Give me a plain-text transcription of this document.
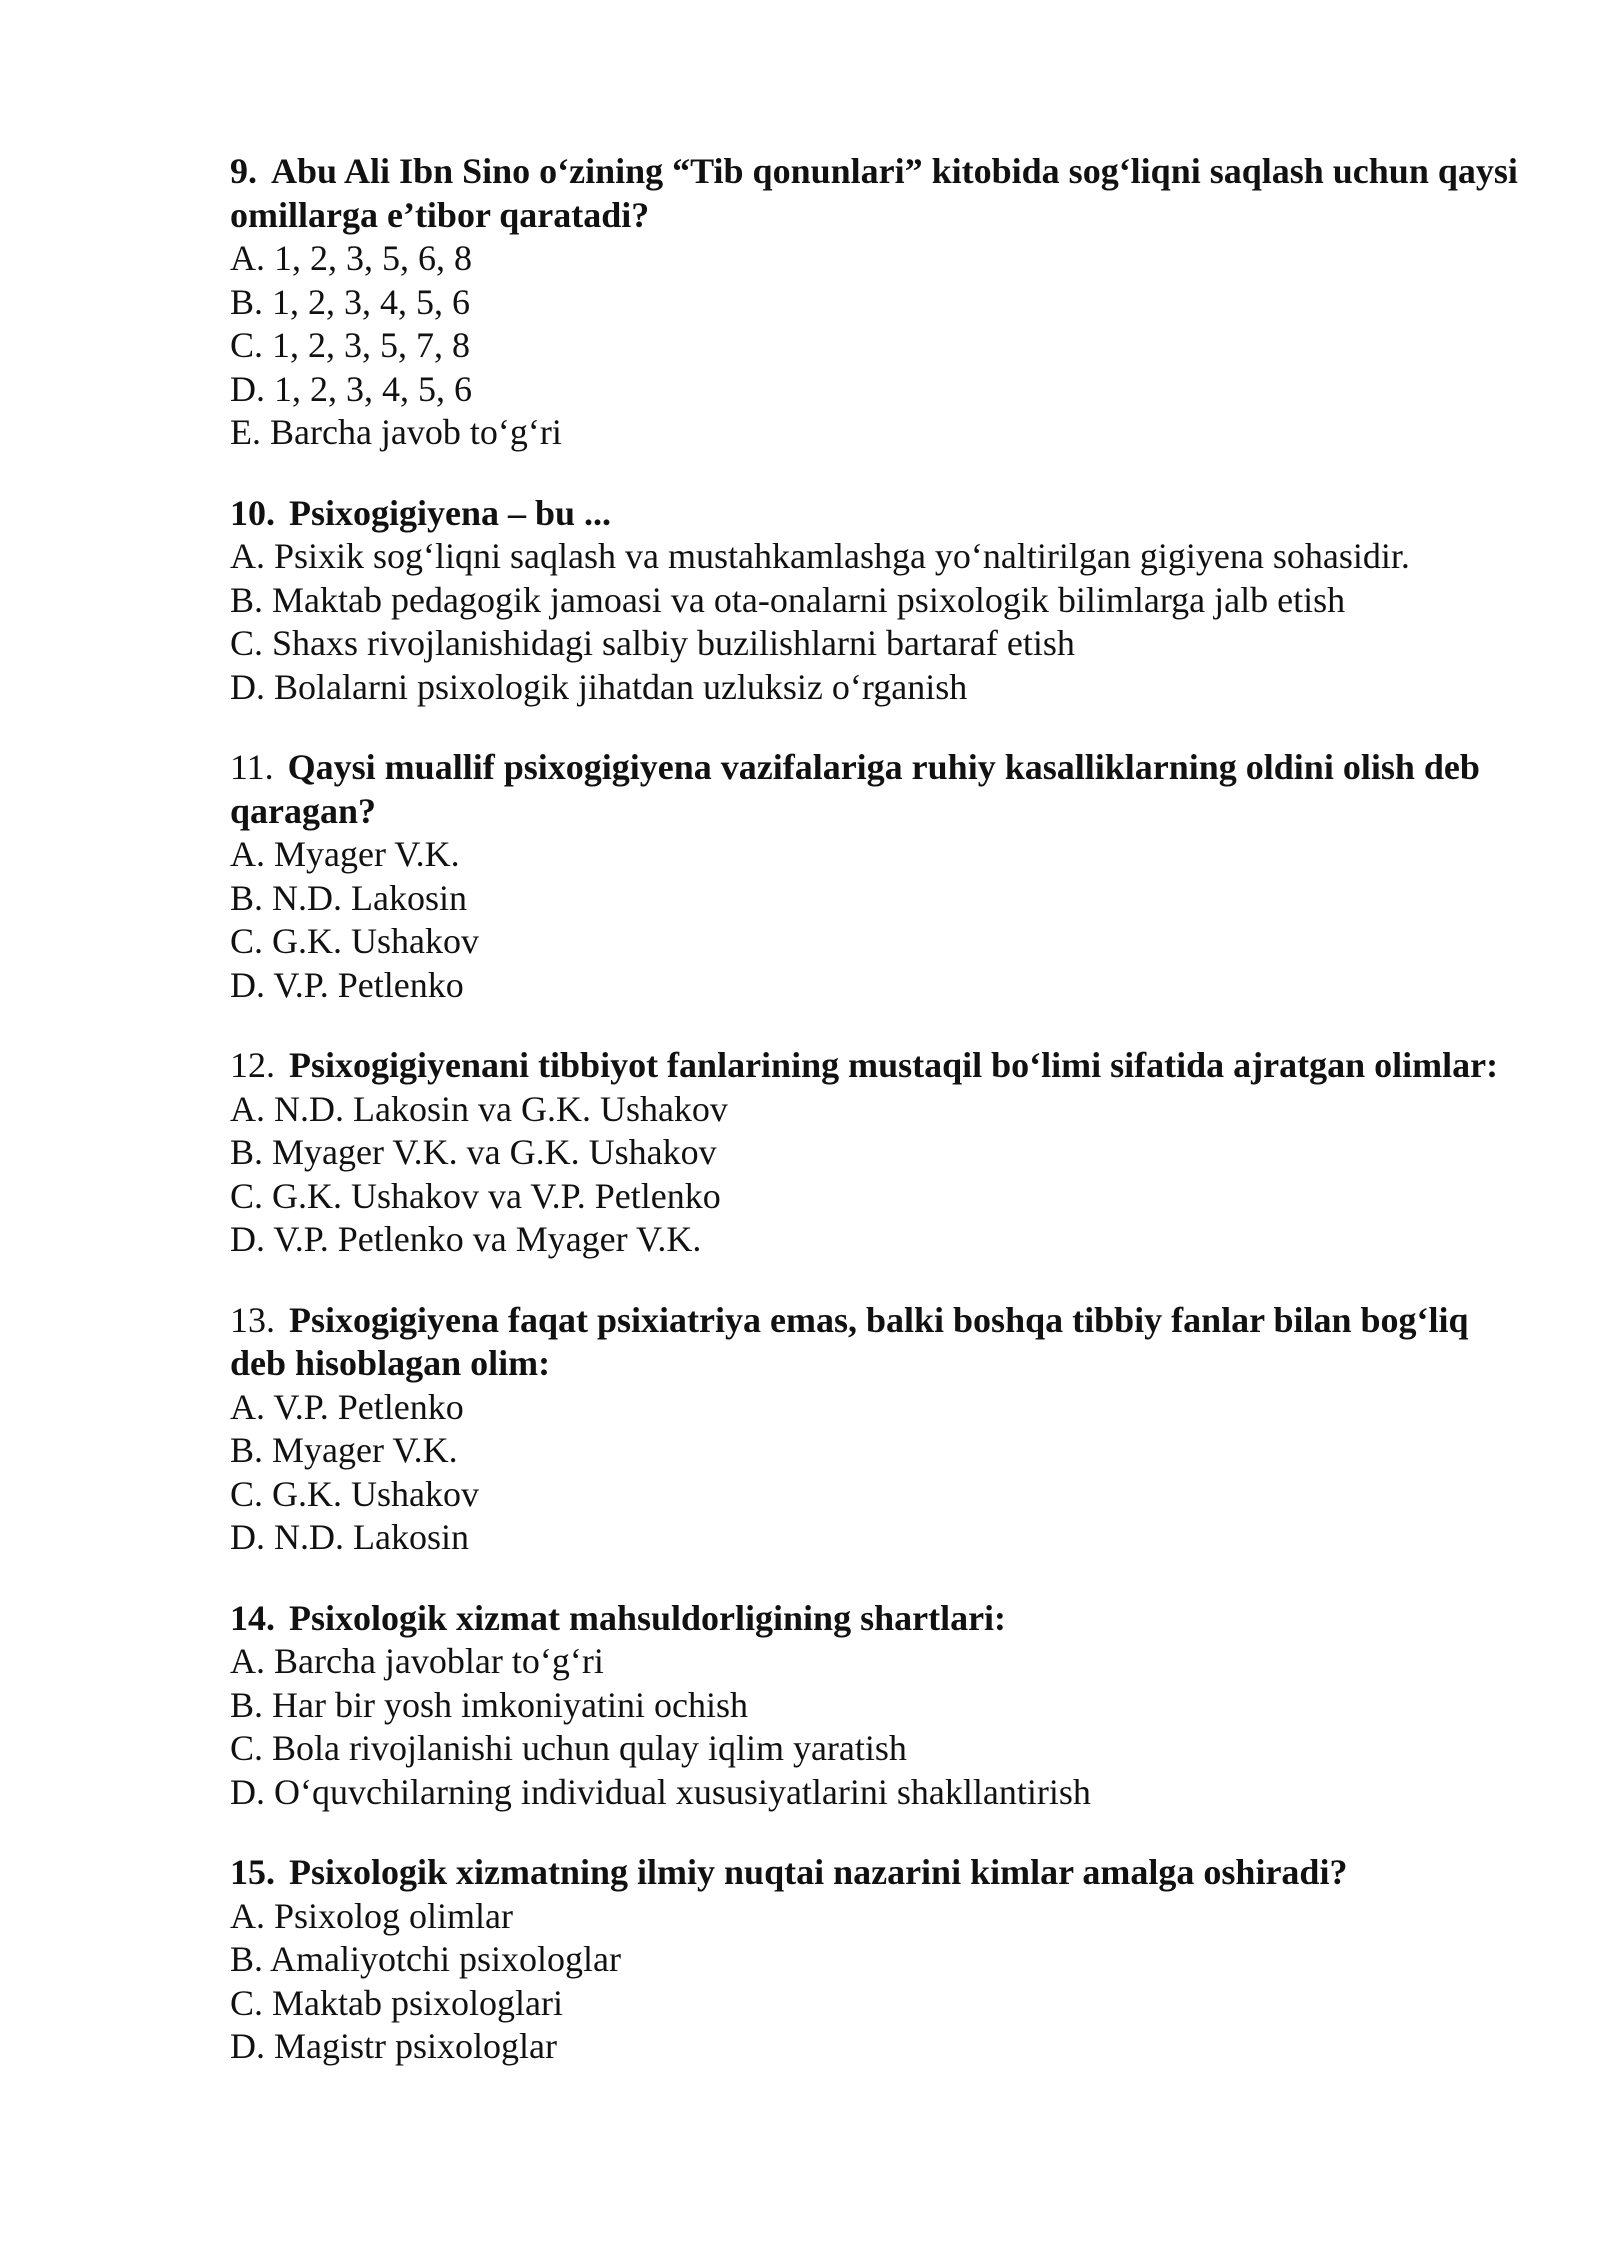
9. Abu Ali Ibn Sino o‘zining “Tib qonunlari” kitobida sog‘liqni saqlash uchun qaysi omillarga e’tibor qaratadi?

A. 1, 2, 3, 5, 6, 8

B. 1, 2, 3, 4, 5, 6

C. 1, 2, 3, 5, 7, 8

D. 1, 2, 3, 4, 5, 6

E. Barcha javob to‘g‘ri

10. Psixogigiyena – bu ...

A. Psixik sog‘liqni saqlash va mustahkamlashga yo‘naltirilgan gigiyena sohasidir.

B. Maktab pedagogik jamoasi va ota-onalarni psixologik bilimlarga jalb etish

C. Shaxs rivojlanishidagi salbiy buzilishlarni bartaraf etish

D. Bolalarni psixologik jihatdan uzluksiz o‘rganish

11. Qaysi muallif psixogigiyena vazifalariga ruhiy kasalliklarning oldini olish deb qaragan?

A. Myager V.K.

B. N.D. Lakosin

C. G.K. Ushakov

D. V.P. Petlenko

12. Psixogigiyenani tibbiyot fanlarining mustaqil bo‘limi sifatida ajratgan olimlar:

A. N.D. Lakosin va G.K. Ushakov

B. Myager V.K. va G.K. Ushakov

C. G.K. Ushakov va V.P. Petlenko

D. V.P. Petlenko va Myager V.K.

13. Psixogigiyena faqat psixiatriya emas, balki boshqa tibbiy fanlar bilan bog‘liq deb hisoblagan olim:

A. V.P. Petlenko

B. Myager V.K.

C. G.K. Ushakov

D. N.D. Lakosin

14. Psixologik xizmat mahsuldorligining shartlari:

A. Barcha javoblar to‘g‘ri

B. Har bir yosh imkoniyatini ochish

C. Bola rivojlanishi uchun qulay iqlim yaratish

D. O‘quvchilarning individual xususiyatlarini shakllantirish

15. Psixologik xizmatning ilmiy nuqtai nazarini kimlar amalga oshiradi?

A. Psixolog olimlar

B. Amaliyotchi psixologlar

C. Maktab psixologlari

D. Magistr psixologlar
